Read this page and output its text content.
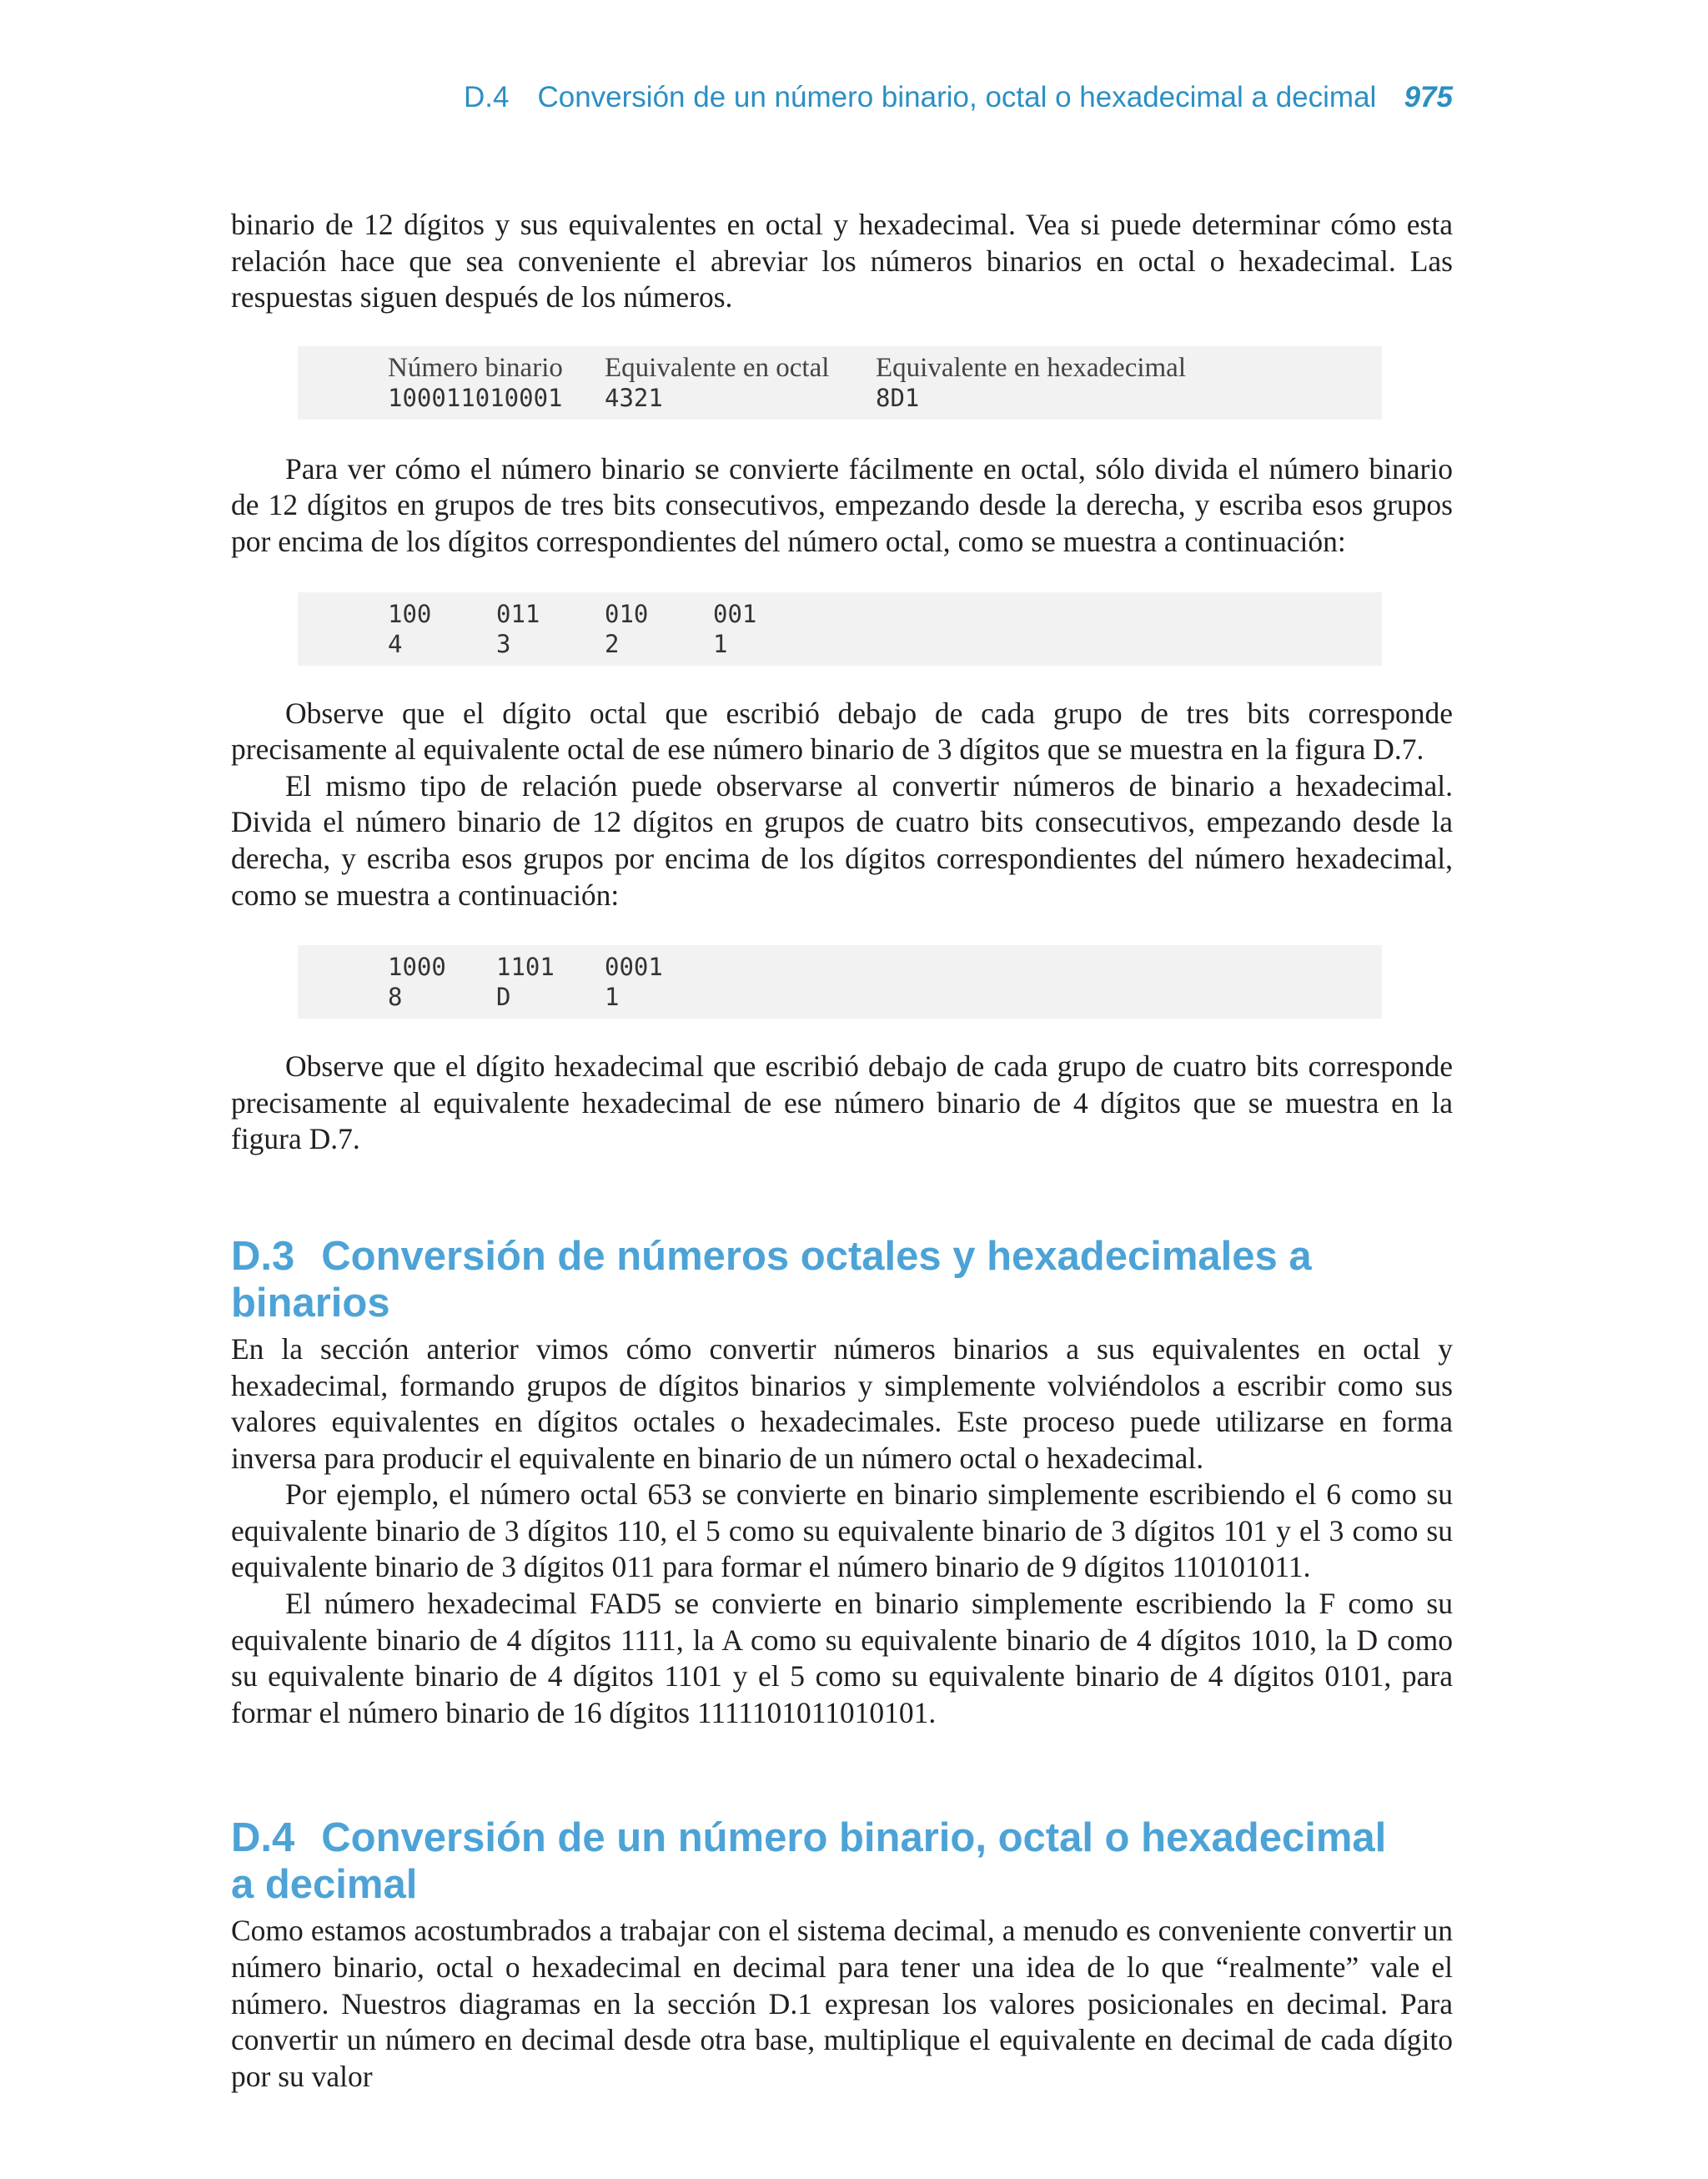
D.4 Conversión de un número binario, octal o hexadecimal a decimal 975

binario de 12 dígitos y sus equivalentes en octal y hexadecimal. Vea si puede determinar cómo esta relación hace que sea conveniente el abreviar los números binarios en octal o hexadecimal. Las respuestas siguen después de los números.

Número binario	Equivalente en octal	Equivalente en hexadecimal
100011010001	4321	8D1

Para ver cómo el número binario se convierte fácilmente en octal, sólo divida el número binario de 12 dígitos en grupos de tres bits consecutivos, empezando desde la derecha, y escriba esos grupos por encima de los dígitos correspondientes del número octal, como se muestra a continuación:

100	011	010	001
4	3	2	1

Observe que el dígito octal que escribió debajo de cada grupo de tres bits corresponde precisamente al equivalente octal de ese número binario de 3 dígitos que se muestra en la figura D.7.

El mismo tipo de relación puede observarse al convertir números de binario a hexadecimal. Divida el número binario de 12 dígitos en grupos de cuatro bits consecutivos, empezando desde la derecha, y escriba esos grupos por encima de los dígitos correspondientes del número hexadecimal, como se muestra a continuación:

1000	1101	0001
8	D	1

Observe que el dígito hexadecimal que escribió debajo de cada grupo de cuatro bits corresponde precisamente al equivalente hexadecimal de ese número binario de 4 dígitos que se muestra en la figura D.7.

D.3 Conversión de números octales y hexadecimales a binarios

En la sección anterior vimos cómo convertir números binarios a sus equivalentes en octal y hexadecimal, formando grupos de dígitos binarios y simplemente volviéndolos a escribir como sus valores equivalentes en dígitos octales o hexadecimales. Este proceso puede utilizarse en forma inversa para producir el equivalente en binario de un número octal o hexadecimal.

Por ejemplo, el número octal 653 se convierte en binario simplemente escribiendo el 6 como su equivalente binario de 3 dígitos 110, el 5 como su equivalente binario de 3 dígitos 101 y el 3 como su equivalente binario de 3 dígitos 011 para formar el número binario de 9 dígitos 110101011.

El número hexadecimal FAD5 se convierte en binario simplemente escribiendo la F como su equivalente binario de 4 dígitos 1111, la A como su equivalente binario de 4 dígitos 1010, la D como su equivalente binario de 4 dígitos 1101 y el 5 como su equivalente binario de 4 dígitos 0101, para formar el número binario de 16 dígitos 1111101011010101.

D.4 Conversión de un número binario, octal o hexadecimal
a decimal

Como estamos acostumbrados a trabajar con el sistema decimal, a menudo es conveniente convertir un número binario, octal o hexadecimal en decimal para tener una idea de lo que “realmente” vale el número. Nuestros diagramas en la sección D.1 expresan los valores posicionales en decimal. Para convertir un número en decimal desde otra base, multiplique el equivalente en decimal de cada dígito por su valor
